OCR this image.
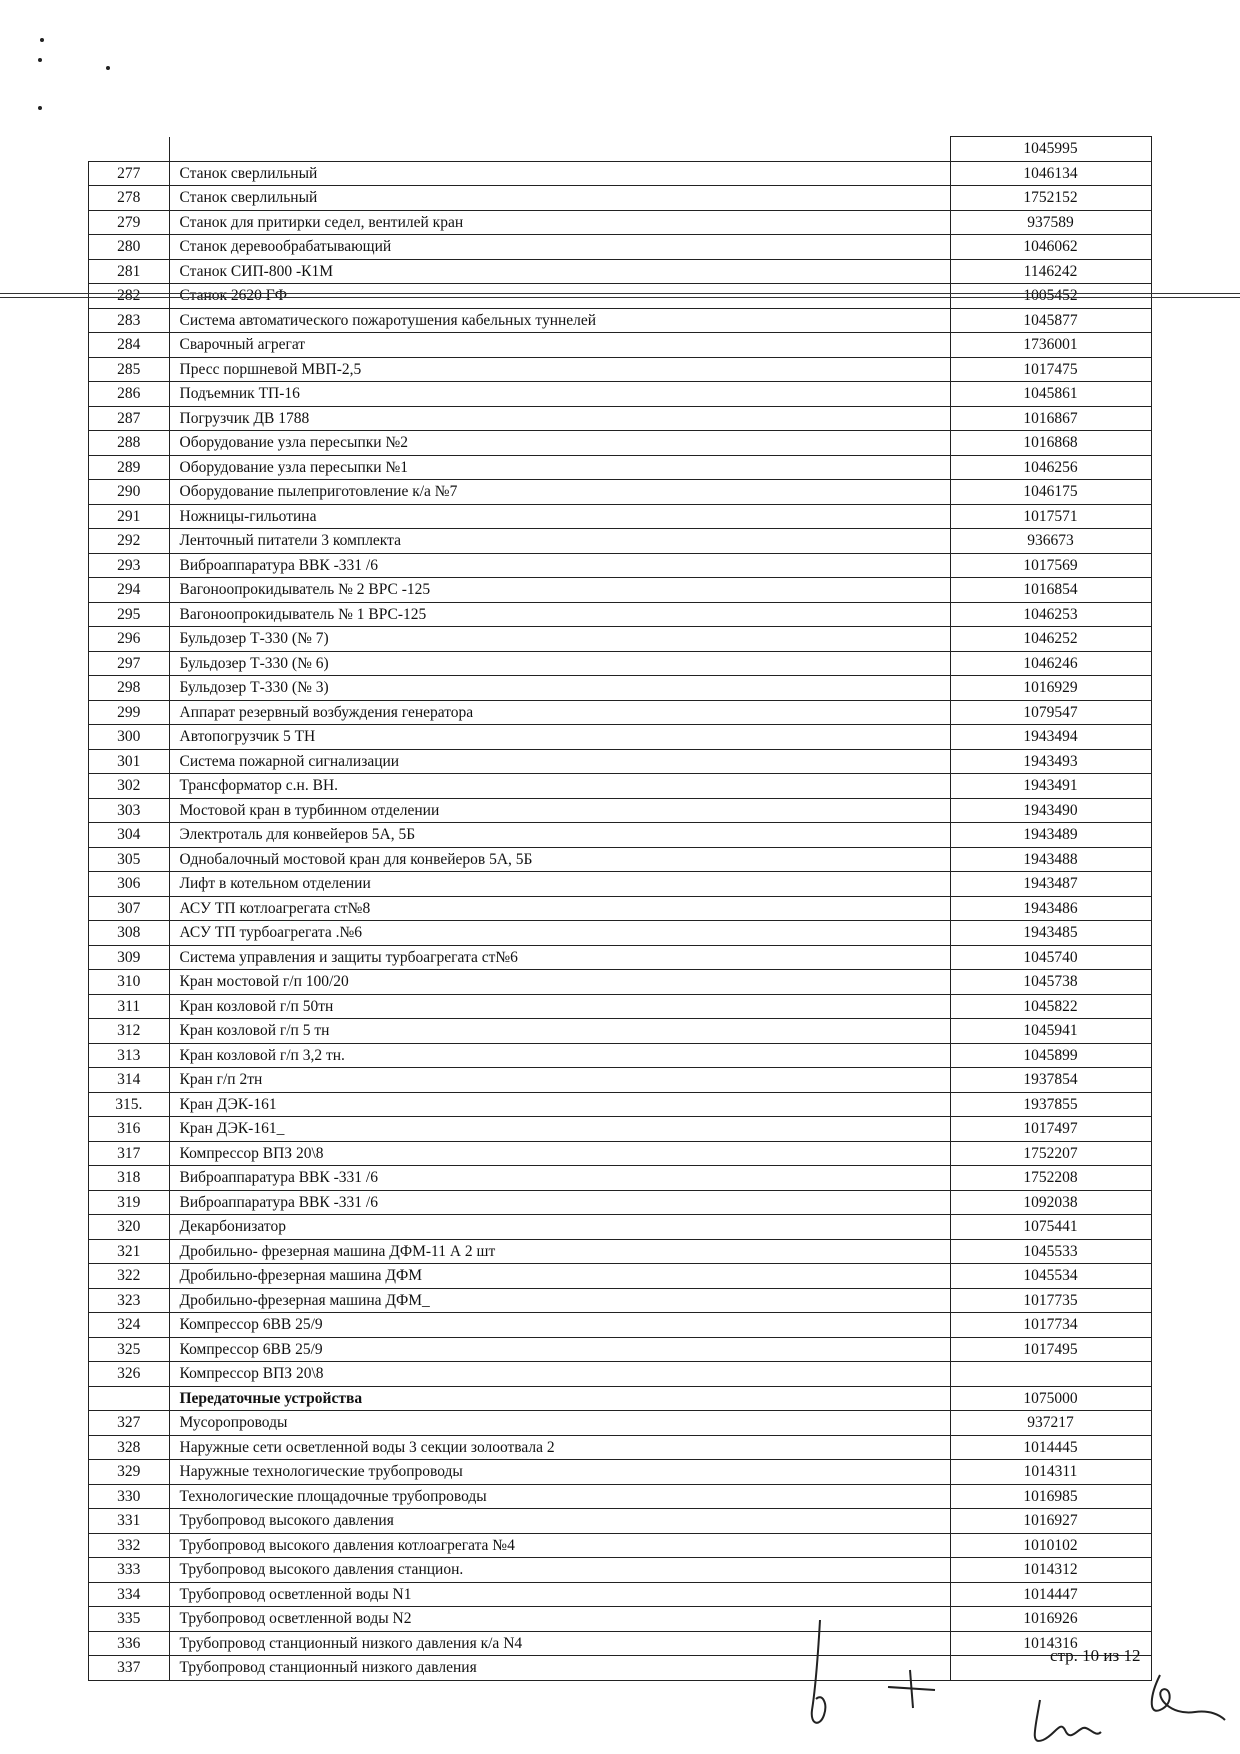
		1045995
277	Станок сверлильный	1046134
278	Станок сверлильный	1752152
279	Станок для притирки седел, вентилей кран	937589
280	Станок деревообрабатывающий	1046062
281	Станок СИП-800 -К1М	1146242
282	Станок 2620 ГФ	1005452
283	Система автоматического пожаротушения кабельных туннелей	1045877
284	Сварочный агрегат	1736001
285	Пресс поршневой МВП-2,5	1017475
286	Подъемник ТП-16	1045861
287	Погрузчик ДВ 1788	1016867
288	Оборудование узла пересыпки №2	1016868
289	Оборудование узла пересыпки №1	1046256
290	Оборудование пылеприготовление к/а №7	1046175
291	Ножницы-гильотина	1017571
292	Ленточный питатели 3 комплекта	936673
293	Виброаппаратура ВВК -331 /6	1017569
294	Вагоноопрокидыватель № 2 ВРС -125	1016854
295	Вагоноопрокидыватель № 1 ВРС-125	1046253
296	Бульдозер Т-330 (№ 7)	1046252
297	Бульдозер Т-330 (№ 6)	1046246
298	Бульдозер Т-330 (№ 3)	1016929
299	Аппарат резервный возбуждения генератора	1079547
300	Автопогрузчик 5 ТН	1943494
301	Система пожарной сигнализации	1943493
302	Трансформатор с.н. ВН.	1943491
303	Мостовой кран в турбинном отделении	1943490
304	Электроталь для конвейеров 5А, 5Б	1943489
305	Однобалочный мостовой кран для конвейеров 5А, 5Б	1943488
306	Лифт в котельном отделении	1943487
307	АСУ ТП котлоагрегата ст№8	1943486
308	АСУ ТП турбоагрегата .№6	1943485
309	Система управления и защиты турбоагрегата ст№6	1045740
310	Кран мостовой г/п 100/20	1045738
311	Кран козловой г/п 50тн	1045822
312	Кран козловой г/п 5 тн	1045941
313	Кран козловой г/п 3,2 тн.	1045899
314	Кран г/п 2тн	1937854
315.	Кран ДЭК-161	1937855
316	Кран ДЭК-161_	1017497
317	Компрессор ВПЗ 20\8	1752207
318	Виброаппаратура ВВК -331 /6	1752208
319	Виброаппаратура ВВК -331 /6	1092038
320	Декарбонизатор	1075441
321	Дробильно- фрезерная машина ДФМ-11 А 2 шт	1045533
322	Дробильно-фрезерная машина ДФМ	1045534
323	Дробильно-фрезерная машина ДФМ_	1017735
324	Компрессор 6ВВ 25/9	1017734
325	Компрессор 6ВВ 25/9	1017495
326	Компрессор ВПЗ 20\8	
	Передаточные устройства	1075000
327	Мусоропроводы	937217
328	Наружные сети осветленной воды 3 секции золоотвала 2	1014445
329	Наружные технологические трубопроводы	1014311
330	Технологические площадочные трубопроводы	1016985
331	Трубопровод высокого давления	1016927
332	Трубопровод высокого давления котлоагрегата №4	1010102
333	Трубопровод высокого давления станцион.	1014312
334	Трубопровод осветленной воды N1	1014447
335	Трубопровод осветленной воды N2	1016926
336	Трубопровод станционный низкого давления к/а N4	1014316
337	Трубопровод станционный низкого давления	
стр. 10 из 12
